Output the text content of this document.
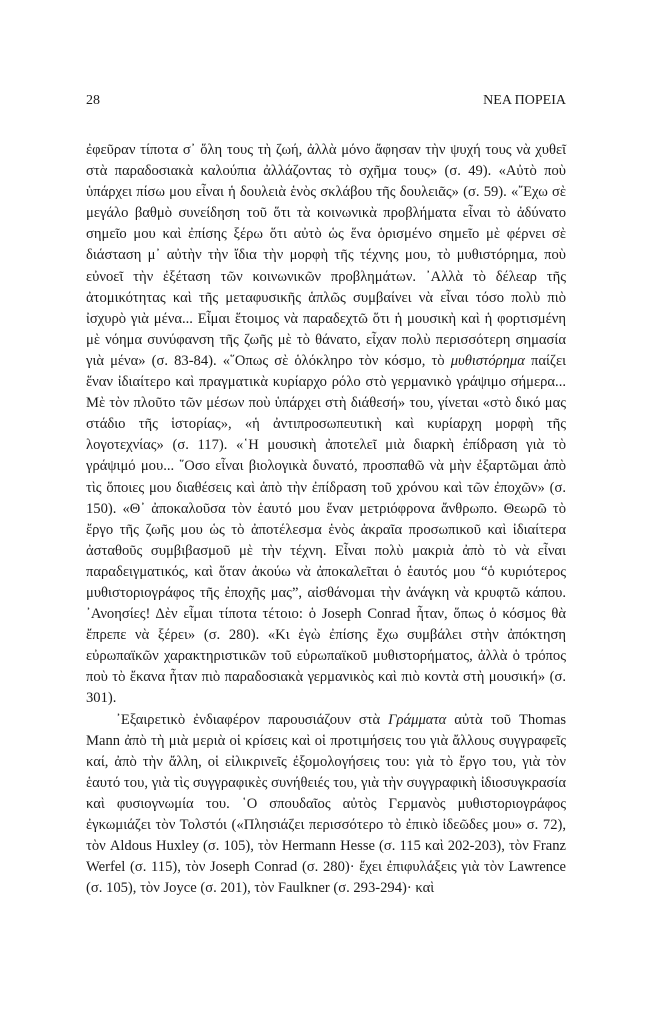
28	ΝΕΑ ΠΟΡΕΙΑ

ἐφεῦραν τίποτα σ᾽ ὅλη τους τὴ ζωή, ἀλλὰ μόνο ἄφησαν τὴν ψυχή τους νὰ χυθεῖ στὰ παραδοσιακὰ καλούπια ἀλλάζοντας τὸ σχῆμα τους» (σ. 49). «Αὐτὸ ποὺ ὑπάρχει πίσω μου εἶναι ἡ δουλειὰ ἑνὸς σκλάβου τῆς δουλειᾶς» (σ. 59). «῎Εχω σὲ μεγάλο βαθμὸ συνείδηση τοῦ ὅτι τὰ κοινωνικὰ προβλήματα εἶναι τὸ ἀδύνατο σημεῖο μου καὶ ἐπίσης ξέρω ὅτι αὐτὸ ὡς ἕνα ὁρισμένο σημεῖο μὲ φέρνει σὲ διάσταση μ᾽ αὐτὴν τὴν ἴδια τὴν μορφὴ τῆς τέχνης μου, τὸ μυθιστόρημα, ποὺ εὐνοεῖ τὴν ἐξέταση τῶν κοινωνικῶν προβλημάτων. ᾽Αλλὰ τὸ δέλεαρ τῆς ἀτομικότητας καὶ τῆς μεταφυσικῆς ἁπλῶς συμβαίνει νὰ εἶναι τόσο πολὺ πιὸ ἰσχυρὸ γιὰ μένα... Εἶμαι ἕτοιμος νὰ παραδεχτῶ ὅτι ἡ μουσικὴ καὶ ἡ φορτισμένη μὲ νόημα συνύφανση τῆς ζωῆς μὲ τὸ θάνατο, εἶχαν πολὺ περισσότερη σημασία γιὰ μένα» (σ. 83-84). «῞Οπως σὲ ὁλόκληρο τὸν κόσμο, τὸ μυθιστόρημα παίζει ἕναν ἰδιαίτερο καὶ πραγματικὰ κυρίαρχο ρόλο στὸ γερμανικὸ γράψιμο σήμερα... Μὲ τὸν πλοῦτο τῶν μέσων ποὺ ὑπάρχει στὴ διάθεσή» του, γίνεται «στὸ δικό μας στάδιο τῆς ἱστορίας», «ἡ ἀντιπροσωπευτικὴ καὶ κυρίαρχη μορφὴ τῆς λογοτεχνίας» (σ. 117). «῾Η μουσικὴ ἀποτελεῖ μιὰ διαρκὴ ἐπίδραση γιὰ τὸ γράψιμό μου... ῞Οσο εἶναι βιολογικὰ δυνατό, προσπαθῶ νὰ μὴν ἐξαρτῶμαι ἀπὸ τὶς ὅποιες μου διαθέσεις καὶ ἀπὸ τὴν ἐπίδραση τοῦ χρόνου καὶ τῶν ἐποχῶν» (σ. 150). «Θ᾽ ἀποκαλοῦσα τὸν ἑαυτό μου ἕναν μετριόφρονα ἄνθρωπο. Θεωρῶ τὸ ἔργο τῆς ζωῆς μου ὡς τὸ ἀποτέλεσμα ἑνὸς ἀκραῖα προσωπικοῦ καὶ ἰδιαίτερα ἀσταθοῦς συμβιβασμοῦ μὲ τὴν τέχνη. Εἶναι πολὺ μακριὰ ἀπὸ τὸ νὰ εἶναι παραδειγματικός, καὶ ὅταν ἀκούω νὰ ἀποκαλεῖται ὁ ἑαυτός μου “ὁ κυριότερος μυθιστοριογράφος τῆς ἐποχῆς μας”, αἰσθάνομαι τὴν ἀνάγκη νὰ κρυφτῶ κάπου. ᾽Ανοησίες! Δὲν εἶμαι τίποτα τέτοιο: ὁ Joseph Conrad ἦταν, ὅπως ὁ κόσμος θὰ ἔπρεπε νὰ ξέρει» (σ. 280). «Κι ἐγὼ ἐπίσης ἔχω συμβάλει στὴν ἀπόκτηση εὐρωπαϊκῶν χαρακτηριστικῶν τοῦ εὐρωπαϊκοῦ μυθιστορήματος, ἀλλὰ ὁ τρόπος ποὺ τὸ ἔκανα ἦταν πιὸ παραδοσιακὰ γερμανικὸς καὶ πιὸ κοντὰ στὴ μουσική» (σ. 301).

᾽Εξαιρετικὸ ἐνδιαφέρον παρουσιάζουν στὰ Γράμματα αὐτὰ τοῦ Thomas Mann ἀπὸ τὴ μιὰ μεριὰ οἱ κρίσεις καὶ οἱ προτιμήσεις του γιὰ ἄλλους συγγραφεῖς καί, ἀπὸ τὴν ἄλλη, οἱ εἰλικρινεῖς ἐξομολογήσεις του: γιὰ τὸ ἔργο του, γιὰ τὸν ἑαυτό του, γιὰ τὶς συγγραφικὲς συνήθειές του, γιὰ τὴν συγγραφικὴ ἰδιοσυγκρασία καὶ φυσιογνωμία του. ῾Ο σπουδαῖος αὐτὸς Γερμανὸς μυθιστοριογράφος ἐγκωμιάζει τὸν Τολστόι («Πλησιάζει περισσότερο τὸ ἐπικὸ ἰδεῶδες μου» σ. 72), τὸν Aldous Huxley (σ. 105), τὸν Hermann Hesse (σ. 115 καὶ 202-203), τὸν Franz Werfel (σ. 115), τὸν Joseph Conrad (σ. 280)· ἔχει ἐπιφυλάξεις γιὰ τὸν Lawrence (σ. 105), τὸν Joyce (σ. 201), τὸν Faulkner (σ. 293-294)· καὶ
